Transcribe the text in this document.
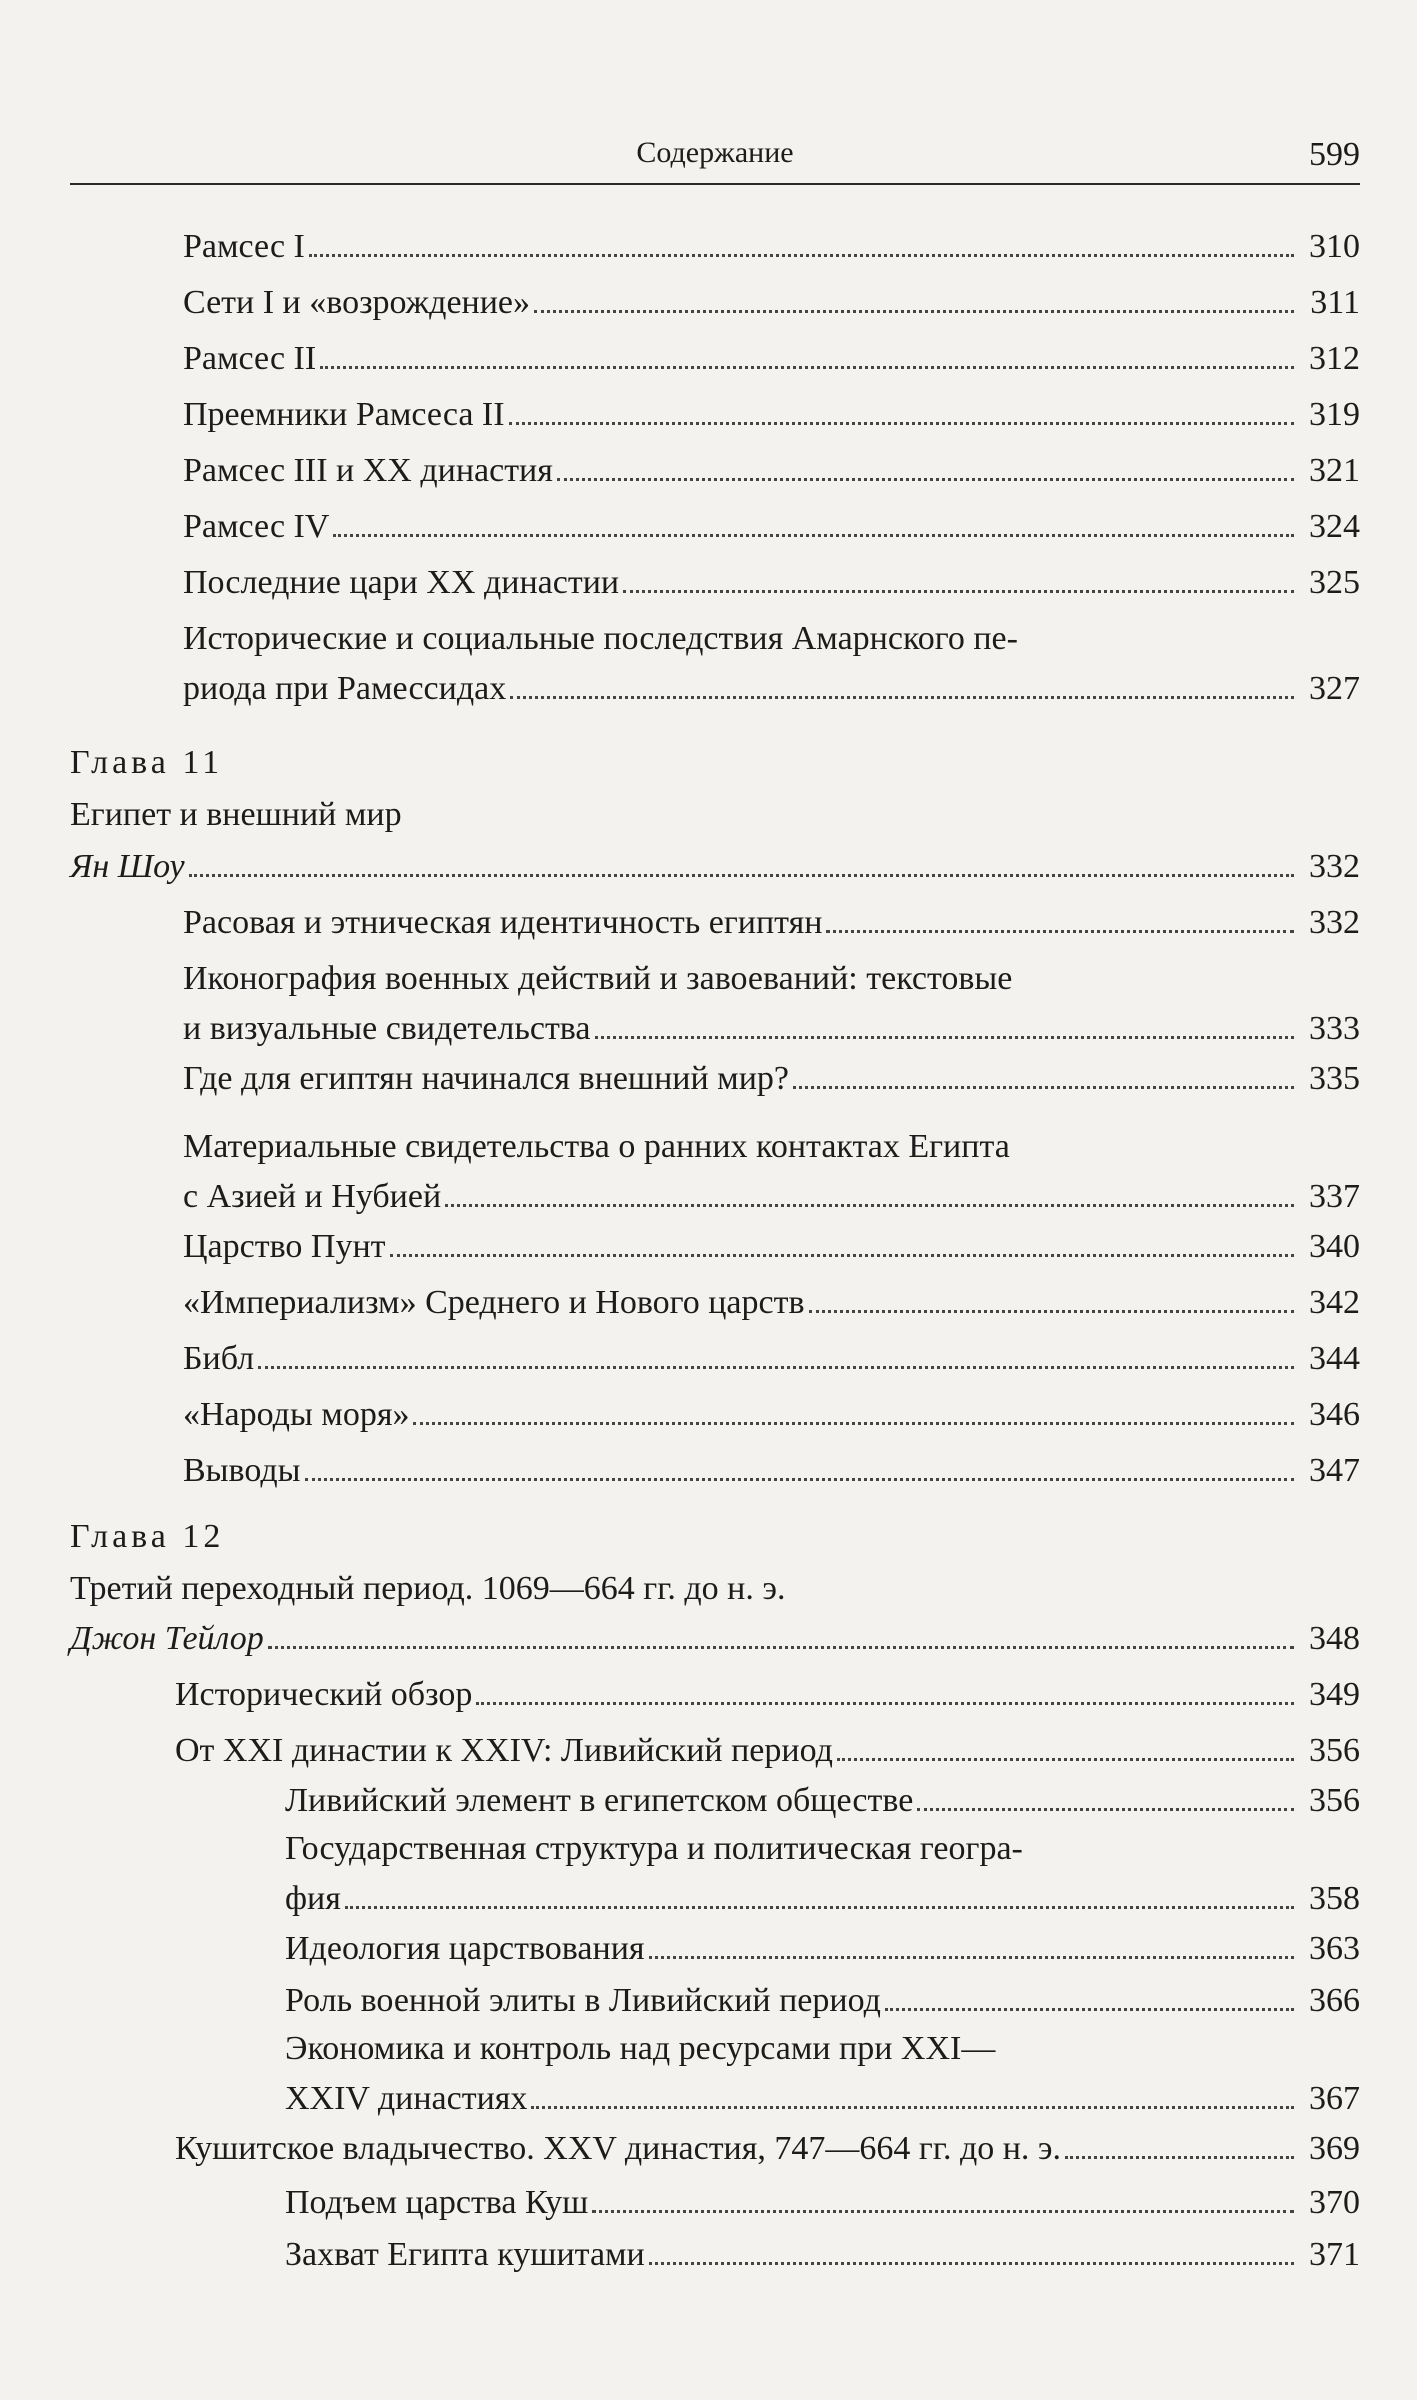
Содержание	599
Рамсес I	310
Сети I и «возрождение»	311
Рамсес II	312
Преемники Рамсеса II	319
Рамсес III и XX династия	321
Рамсес IV	324
Последние цари XX династии	325
Исторические и социальные последствия Амарнского пе-
риода при Рамессидах	327
Глава 11
Египет и внешний мир
Ян Шоу	332
Расовая и этническая идентичность египтян	332
Иконография военных действий и завоеваний: текстовые
и визуальные свидетельства	333
Где для египтян начинался внешний мир?	335
Материальные свидетельства о ранних контактах Египта
с Азией и Нубией	337
Царство Пунт	340
«Империализм» Среднего и Нового царств	342
Библ	344
«Народы моря»	346
Выводы	347
Глава 12
Третий переходный период. 1069—664 гг. до н. э.
Джон Тейлор	348
Исторический обзор	349
От XXI династии к XXIV: Ливийский период	356
Ливийский элемент в египетском обществе	356
Государственная структура и политическая геогра-
фия	358
Идеология царствования	363
Роль военной элиты в Ливийский период	366
Экономика и контроль над ресурсами при XXI—
XXIV династиях	367
Кушитское владычество. XXV династия, 747—664 гг. до н. э.	369
Подъем царства Куш	370
Захват Египта кушитами	371
